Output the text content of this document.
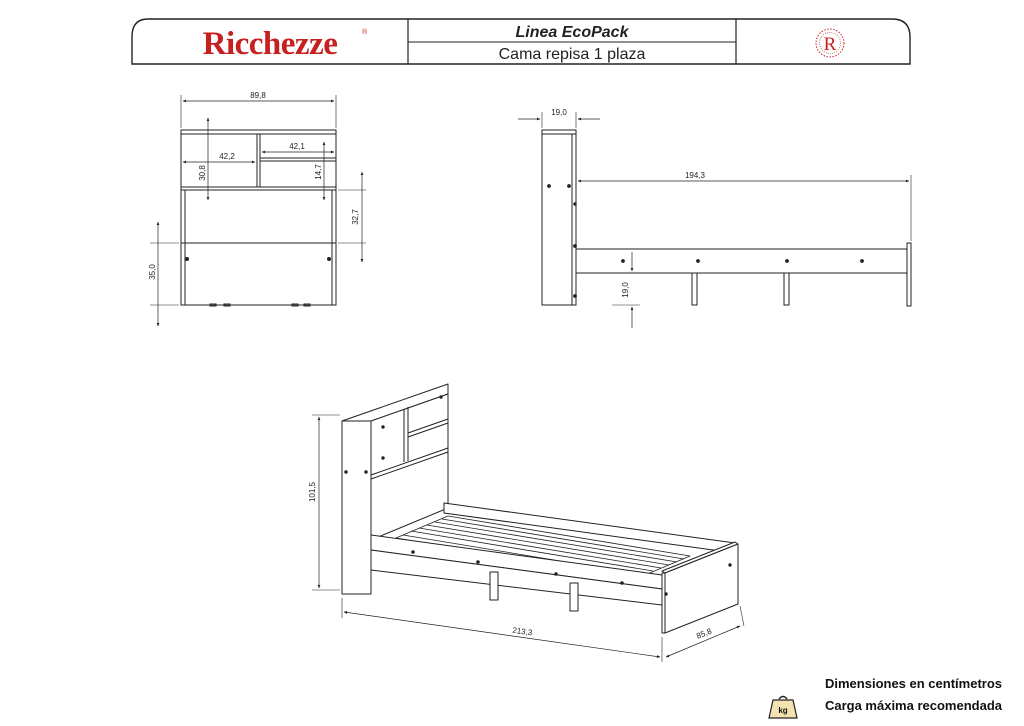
Ricchezze	®	Linea EcoPack
Cama repisa 1 plaza	R
89,8
42,2
42,1
30,8	14,7
32,7
35,0
19,0
194,3
19,0
101,5
213,3	85,8
Dimensiones en centímetros
Carga máxima recomendada
kg
